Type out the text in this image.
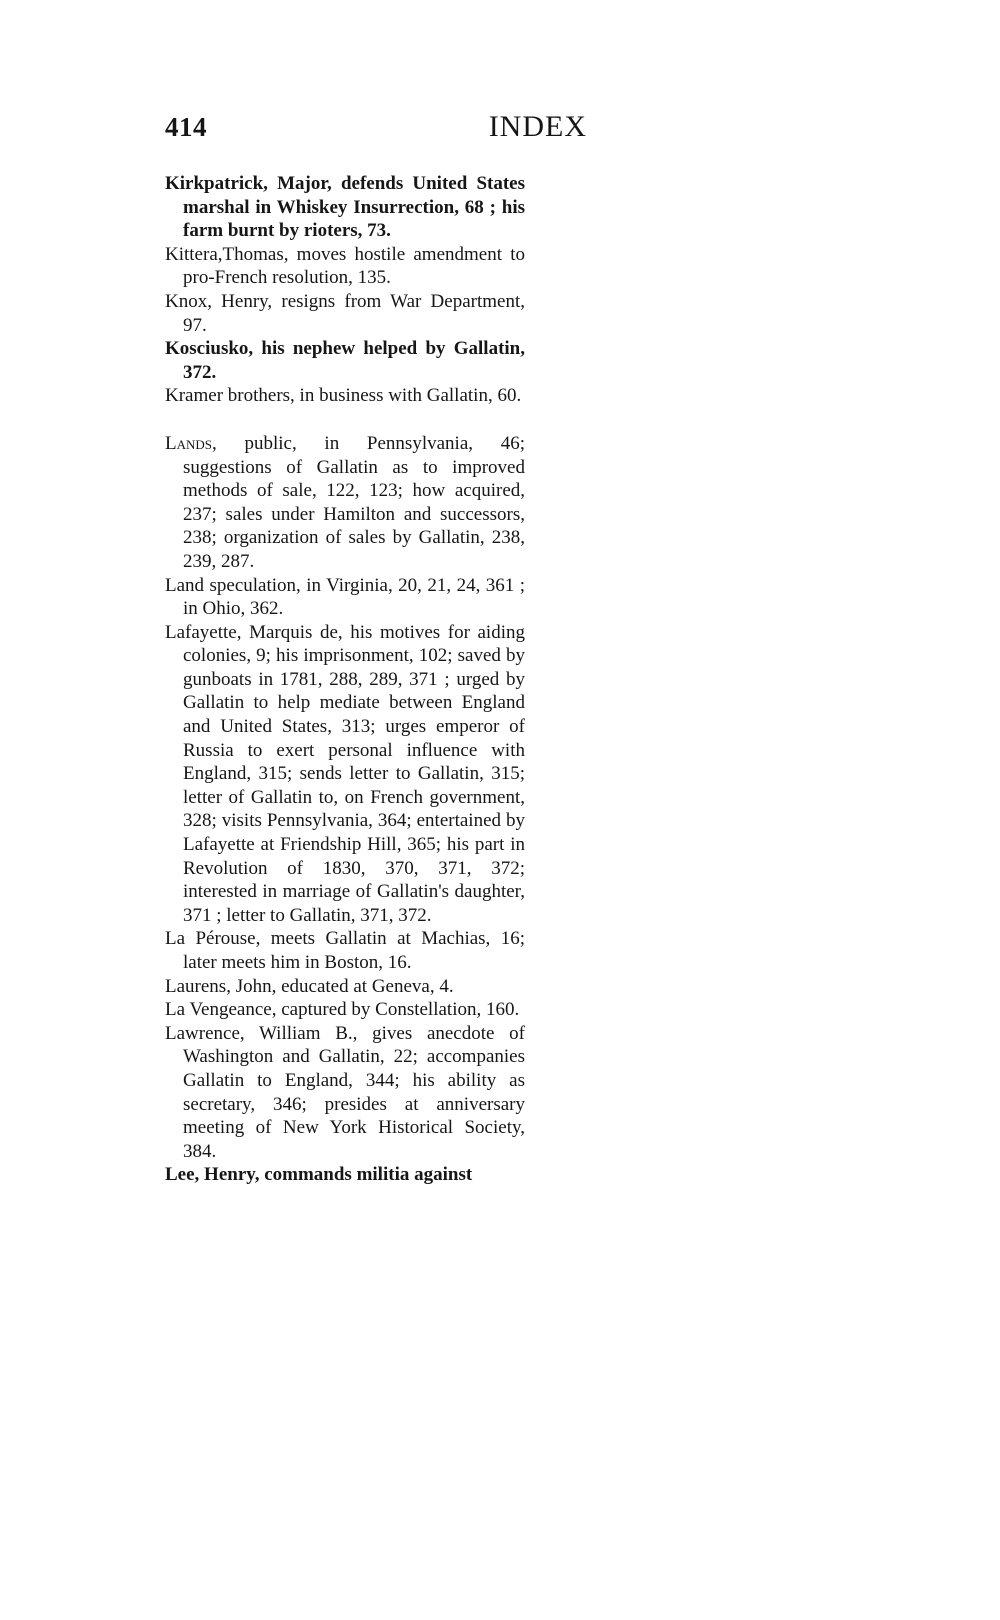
414	INDEX

Kirkpatrick, Major, defends United States marshal in Whiskey Insurrection, 68 ; his farm burnt by rioters, 73.

Kittera,Thomas, moves hostile amendment to pro-French resolution, 135.

Knox, Henry, resigns from War Department, 97.

Kosciusko, his nephew helped by Gallatin, 372.

Kramer brothers, in business with Gallatin, 60.

Lands, public, in Pennsylvania, 46; suggestions of Gallatin as to improved methods of sale, 122, 123; how acquired, 237; sales under Hamilton and successors, 238; organization of sales by Gallatin, 238, 239, 287.

Land speculation, in Virginia, 20, 21, 24, 361 ; in Ohio, 362.

Lafayette, Marquis de, his motives for aiding colonies, 9; his imprisonment, 102; saved by gunboats in 1781, 288, 289, 371 ; urged by Gallatin to help mediate between England and United States, 313; urges emperor of Russia to exert personal influence with England, 315; sends letter to Gallatin, 315; letter of Gallatin to, on French government, 328; visits Pennsylvania, 364; entertained by Lafayette at Friendship Hill, 365; his part in Revolution of 1830, 370, 371, 372; interested in marriage of Gallatin's daughter, 371 ; letter to Gallatin, 371, 372.

La Pérouse, meets Gallatin at Machias, 16; later meets him in Boston, 16.

Laurens, John, educated at Geneva, 4.

La Vengeance, captured by Constellation, 160.

Lawrence, William B., gives anecdote of Washington and Gallatin, 22; accompanies Gallatin to England, 344; his ability as secretary, 346; presides at anniversary meeting of New York Historical Society, 384.

Lee, Henry, commands militia against
